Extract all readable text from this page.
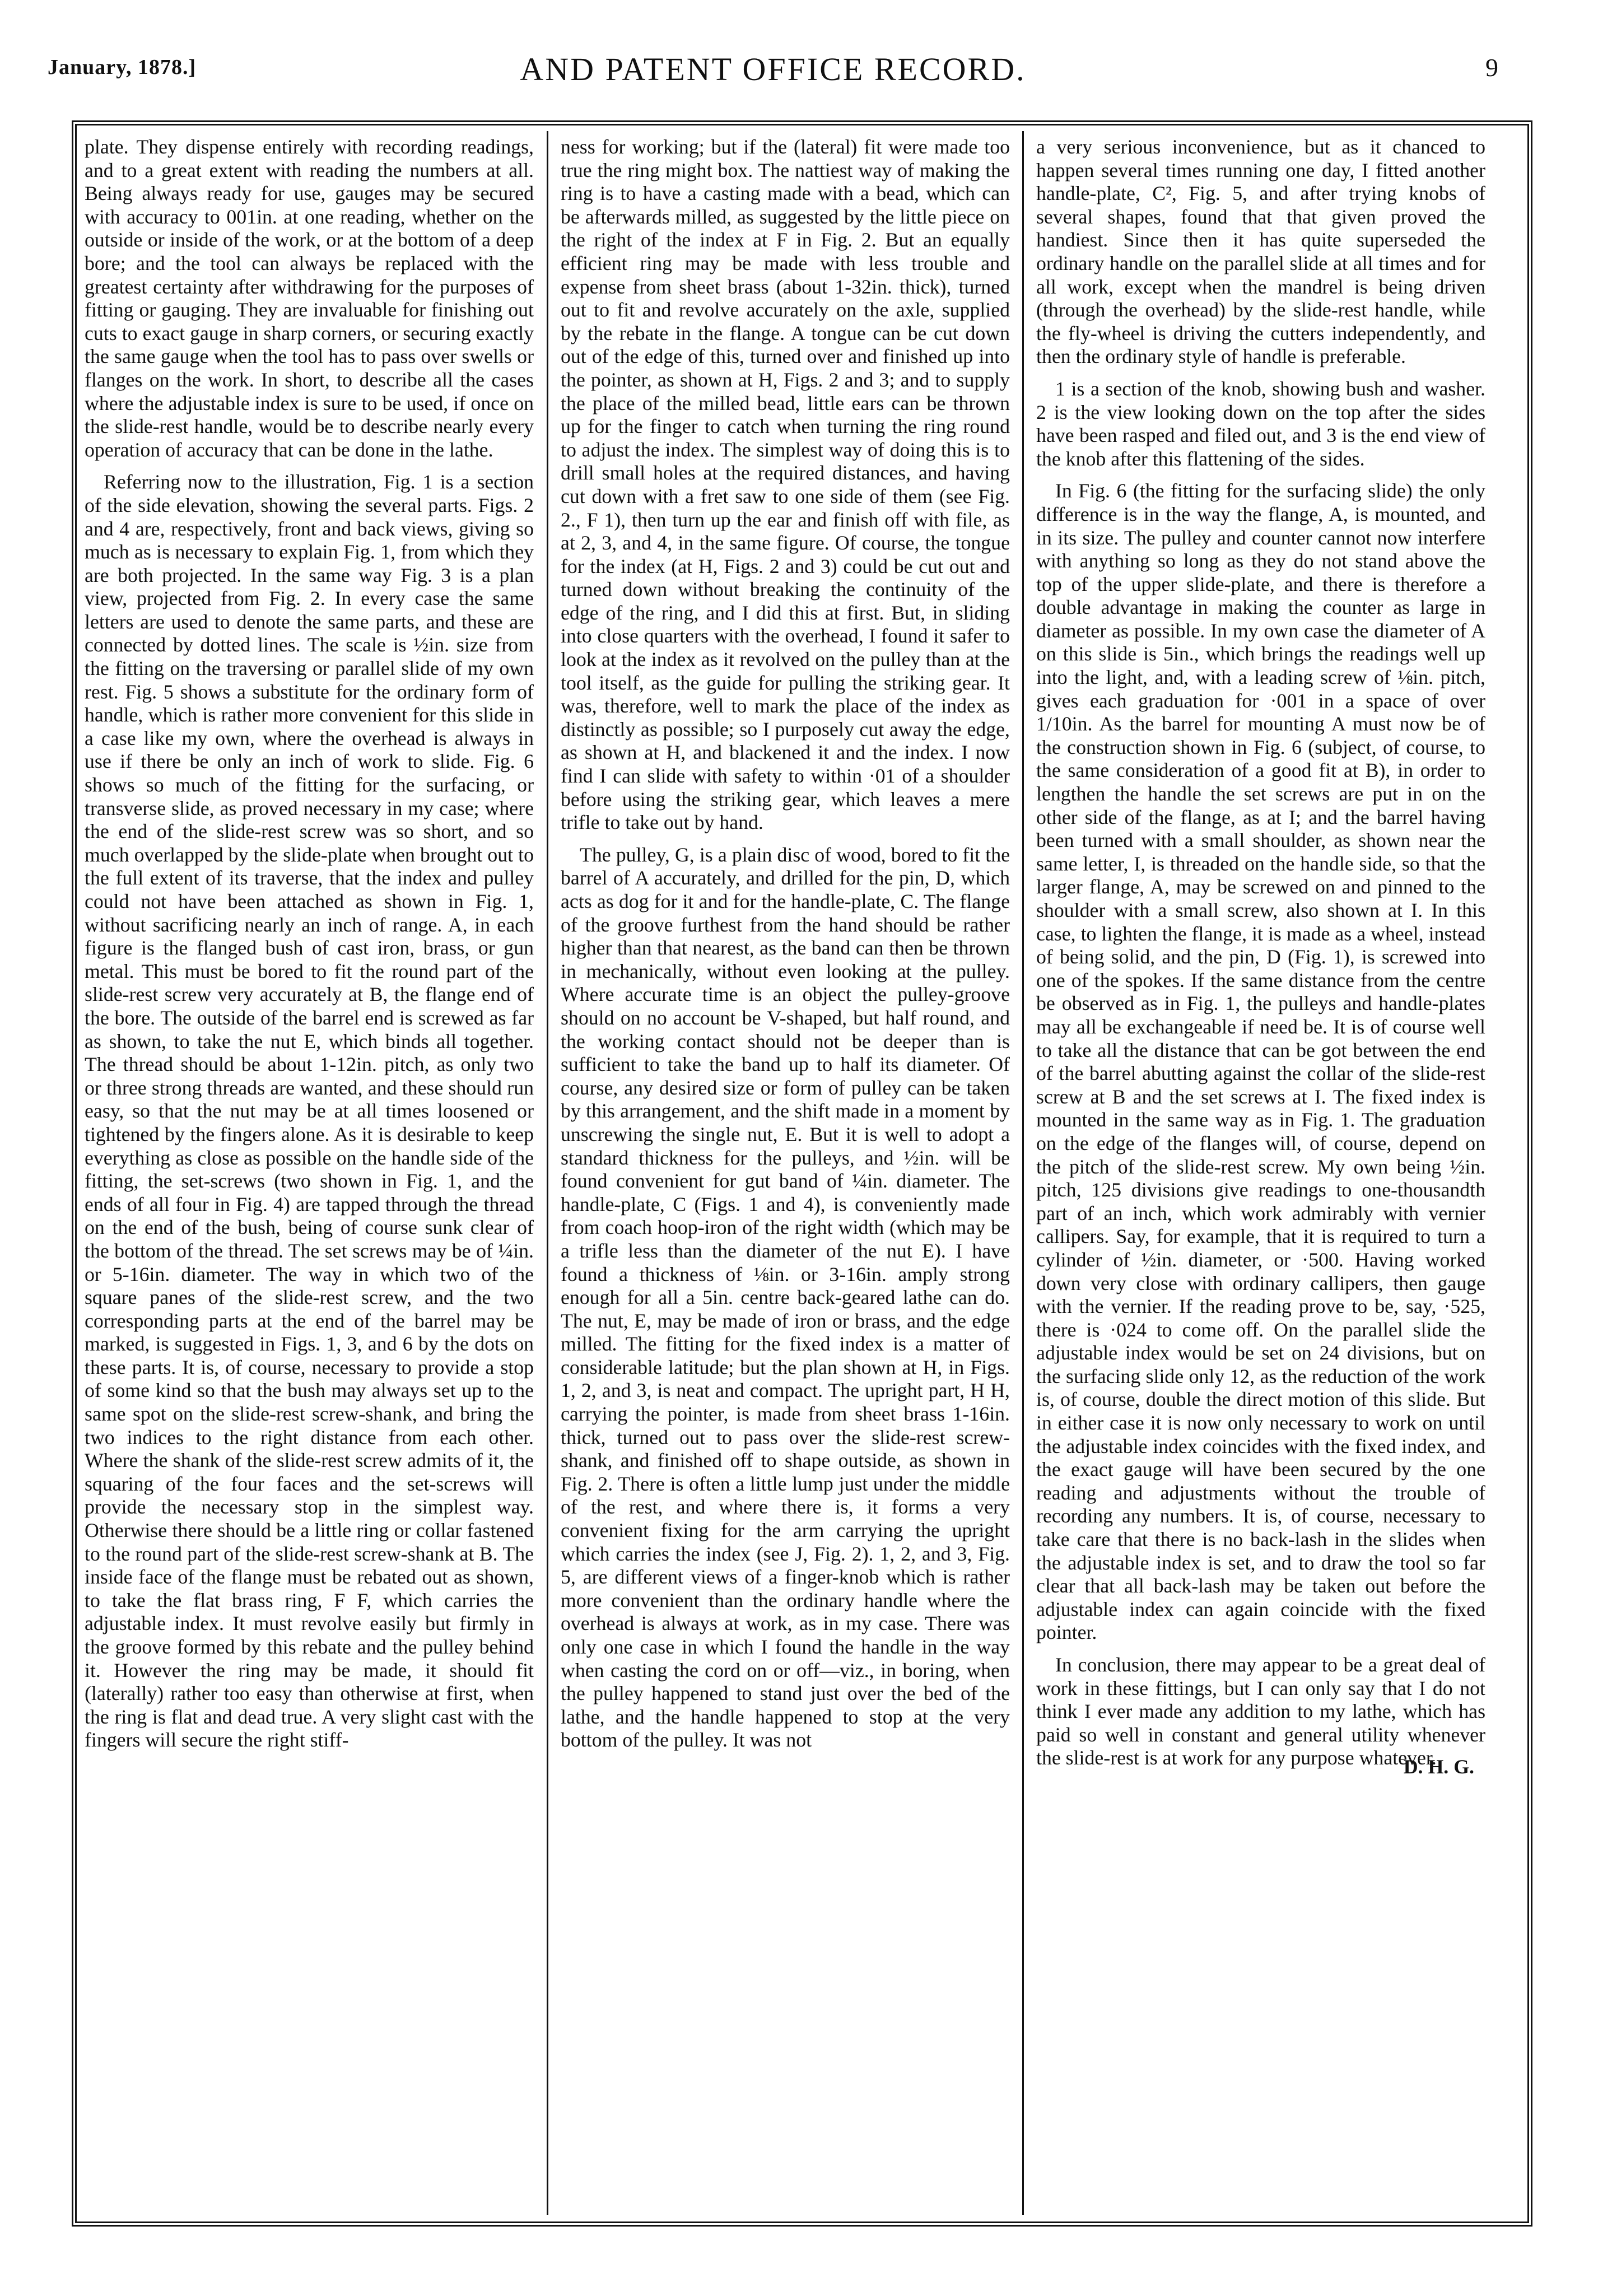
January, 1878.]	AND PATENT OFFICE RECORD.	9

plate. They dispense entirely with recording readings, and to a great extent with reading the numbers at all. Being always ready for use, gauges may be secured with accuracy to 001in. at one reading, whether on the outside or inside of the work, or at the bottom of a deep bore; and the tool can always be replaced with the greatest certainty after withdrawing for the purposes of fitting or gauging. They are invaluable for finishing out cuts to exact gauge in sharp corners, or securing exactly the same gauge when the tool has to pass over swells or flanges on the work. In short, to describe all the cases where the adjustable index is sure to be used, if once on the slide-rest handle, would be to describe nearly every operation of accuracy that can be done in the lathe.

Referring now to the illustration, Fig. 1 is a section of the side elevation, showing the several parts. Figs. 2 and 4 are, respectively, front and back views, giving so much as is necessary to explain Fig. 1, from which they are both projected. In the same way Fig. 3 is a plan view, projected from Fig. 2. In every case the same letters are used to denote the same parts, and these are connected by dotted lines. The scale is ½in. size from the fitting on the traversing or parallel slide of my own rest. Fig. 5 shows a substitute for the ordinary form of handle, which is rather more convenient for this slide in a case like my own, where the overhead is always in use if there be only an inch of work to slide. Fig. 6 shows so much of the fitting for the surfacing, or transverse slide, as proved necessary in my case; where the end of the slide-rest screw was so short, and so much overlapped by the slide-plate when brought out to the full extent of its traverse, that the index and pulley could not have been attached as shown in Fig. 1, without sacrificing nearly an inch of range. A, in each figure is the flanged bush of cast iron, brass, or gun metal. This must be bored to fit the round part of the slide-rest screw very accurately at B, the flange end of the bore. The outside of the barrel end is screwed as far as shown, to take the nut E, which binds all together. The thread should be about 1-12in. pitch, as only two or three strong threads are wanted, and these should run easy, so that the nut may be at all times loosened or tightened by the fingers alone. As it is desirable to keep everything as close as possible on the handle side of the fitting, the set-screws (two shown in Fig. 1, and the ends of all four in Fig. 4) are tapped through the thread on the end of the bush, being of course sunk clear of the bottom of the thread. The set screws may be of ¼in. or 5-16in. diameter. The way in which two of the square panes of the slide-rest screw, and the two corresponding parts at the end of the barrel may be marked, is suggested in Figs. 1, 3, and 6 by the dots on these parts. It is, of course, necessary to provide a stop of some kind so that the bush may always set up to the same spot on the slide-rest screw-shank, and bring the two indices to the right distance from each other. Where the shank of the slide-rest screw admits of it, the squaring of the four faces and the set-screws will provide the necessary stop in the simplest way. Otherwise there should be a little ring or collar fastened to the round part of the slide-rest screw-shank at B. The inside face of the flange must be rebated out as shown, to take the flat brass ring, F F, which carries the adjustable index. It must revolve easily but firmly in the groove formed by this rebate and the pulley behind it. However the ring may be made, it should fit (laterally) rather too easy than otherwise at first, when the ring is flat and dead true. A very slight cast with the fingers will secure the right stiff-

ness for working; but if the (lateral) fit were made too true the ring might box. The nattiest way of making the ring is to have a casting made with a bead, which can be afterwards milled, as suggested by the little piece on the right of the index at F in Fig. 2. But an equally efficient ring may be made with less trouble and expense from sheet brass (about 1-32in. thick), turned out to fit and revolve accurately on the axle, supplied by the rebate in the flange. A tongue can be cut down out of the edge of this, turned over and finished up into the pointer, as shown at H, Figs. 2 and 3; and to supply the place of the milled bead, little ears can be thrown up for the finger to catch when turning the ring round to adjust the index. The simplest way of doing this is to drill small holes at the required distances, and having cut down with a fret saw to one side of them (see Fig. 2., F 1), then turn up the ear and finish off with file, as at 2, 3, and 4, in the same figure. Of course, the tongue for the index (at H, Figs. 2 and 3) could be cut out and turned down without breaking the continuity of the edge of the ring, and I did this at first. But, in sliding into close quarters with the overhead, I found it safer to look at the index as it revolved on the pulley than at the tool itself, as the guide for pulling the striking gear. It was, therefore, well to mark the place of the index as distinctly as possible; so I purposely cut away the edge, as shown at H, and blackened it and the index. I now find I can slide with safety to within ·01 of a shoulder before using the striking gear, which leaves a mere trifle to take out by hand.

The pulley, G, is a plain disc of wood, bored to fit the barrel of A accurately, and drilled for the pin, D, which acts as dog for it and for the handle-plate, C. The flange of the groove furthest from the hand should be rather higher than that nearest, as the band can then be thrown in mechanically, without even looking at the pulley. Where accurate time is an object the pulley-groove should on no account be V-shaped, but half round, and the working contact should not be deeper than is sufficient to take the band up to half its diameter. Of course, any desired size or form of pulley can be taken by this arrangement, and the shift made in a moment by unscrewing the single nut, E. But it is well to adopt a standard thickness for the pulleys, and ½in. will be found convenient for gut band of ¼in. diameter. The handle-plate, C (Figs. 1 and 4), is conveniently made from coach hoop-iron of the right width (which may be a trifle less than the diameter of the nut E). I have found a thickness of ⅛in. or 3-16in. amply strong enough for all a 5in. centre back-geared lathe can do. The nut, E, may be made of iron or brass, and the edge milled. The fitting for the fixed index is a matter of considerable latitude; but the plan shown at H, in Figs. 1, 2, and 3, is neat and compact. The upright part, H H, carrying the pointer, is made from sheet brass 1-16in. thick, turned out to pass over the slide-rest screw-shank, and finished off to shape outside, as shown in Fig. 2. There is often a little lump just under the middle of the rest, and where there is, it forms a very convenient fixing for the arm carrying the upright which carries the index (see J, Fig. 2). 1, 2, and 3, Fig. 5, are different views of a finger-knob which is rather more convenient than the ordinary handle where the overhead is always at work, as in my case. There was only one case in which I found the handle in the way when casting the cord on or off—viz., in boring, when the pulley happened to stand just over the bed of the lathe, and the handle happened to stop at the very bottom of the pulley. It was not

a very serious inconvenience, but as it chanced to happen several times running one day, I fitted another handle-plate, C², Fig. 5, and after trying knobs of several shapes, found that that given proved the handiest. Since then it has quite superseded the ordinary handle on the parallel slide at all times and for all work, except when the mandrel is being driven (through the overhead) by the slide-rest handle, while the fly-wheel is driving the cutters independently, and then the ordinary style of handle is preferable.

1 is a section of the knob, showing bush and washer. 2 is the view looking down on the top after the sides have been rasped and filed out, and 3 is the end view of the knob after this flattening of the sides.

In Fig. 6 (the fitting for the surfacing slide) the only difference is in the way the flange, A, is mounted, and in its size. The pulley and counter cannot now interfere with anything so long as they do not stand above the top of the upper slide-plate, and there is therefore a double advantage in making the counter as large in diameter as possible. In my own case the diameter of A on this slide is 5in., which brings the readings well up into the light, and, with a leading screw of ⅛in. pitch, gives each graduation for ·001 in a space of over 1/10in. As the barrel for mounting A must now be of the construction shown in Fig. 6 (subject, of course, to the same consideration of a good fit at B), in order to lengthen the handle the set screws are put in on the other side of the flange, as at I; and the barrel having been turned with a small shoulder, as shown near the same letter, I, is threaded on the handle side, so that the larger flange, A, may be screwed on and pinned to the shoulder with a small screw, also shown at I. In this case, to lighten the flange, it is made as a wheel, instead of being solid, and the pin, D (Fig. 1), is screwed into one of the spokes. If the same distance from the centre be observed as in Fig. 1, the pulleys and handle-plates may all be exchangeable if need be. It is of course well to take all the distance that can be got between the end of the barrel abutting against the collar of the slide-rest screw at B and the set screws at I. The fixed index is mounted in the same way as in Fig. 1. The graduation on the edge of the flanges will, of course, depend on the pitch of the slide-rest screw. My own being ½in. pitch, 125 divisions give readings to one-thousandth part of an inch, which work admirably with vernier callipers. Say, for example, that it is required to turn a cylinder of ½in. diameter, or ·500. Having worked down very close with ordinary callipers, then gauge with the vernier. If the reading prove to be, say, ·525, there is ·024 to come off. On the parallel slide the adjustable index would be set on 24 divisions, but on the surfacing slide only 12, as the reduction of the work is, of course, double the direct motion of this slide. But in either case it is now only necessary to work on until the adjustable index coincides with the fixed index, and the exact gauge will have been secured by the one reading and adjustments without the trouble of recording any numbers. It is, of course, necessary to take care that there is no back-lash in the slides when the adjustable index is set, and to draw the tool so far clear that all back-lash may be taken out before the adjustable index can again coincide with the fixed pointer.

In conclusion, there may appear to be a great deal of work in these fittings, but I can only say that I do not think I ever made any addition to my lathe, which has paid so well in constant and general utility whenever the slide-rest is at work for any purpose whatever.

D. H. G.
